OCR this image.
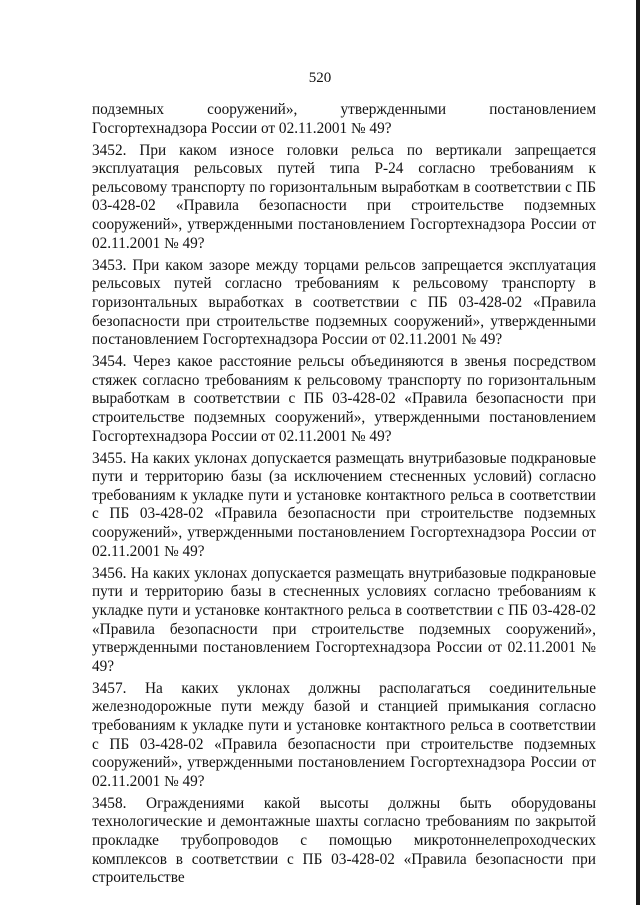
520

подземных сооружений», утвержденными постановлением Госгортехнадзора России от 02.11.2001 № 49?

3452. При каком износе головки рельса по вертикали запрещается эксплуатация рельсовых путей типа Р-24 согласно требованиям к рельсовому транспорту по горизонтальным выработкам в соответствии с ПБ 03-428-02 «Правила безопасности при строительстве подземных сооружений», утвержденными постановлением Госгортехнадзора России от 02.11.2001 № 49?

3453. При каком зазоре между торцами рельсов запрещается эксплуатация рельсовых путей согласно требованиям к рельсовому транспорту в горизонтальных выработках в соответствии с ПБ 03-428-02 «Правила безопасности при строительстве подземных сооружений», утвержденными постановлением Госгортехнадзора России от 02.11.2001 № 49?

3454. Через какое расстояние рельсы объединяются в звенья посредством стяжек согласно требованиям к рельсовому транспорту по горизонтальным выработкам в соответствии с ПБ 03-428-02 «Правила безопасности при строительстве подземных сооружений», утвержденными постановлением Госгортехнадзора России от 02.11.2001 № 49?

3455. На каких уклонах допускается размещать внутрибазовые подкрановые пути и территорию базы (за исключением стесненных условий) согласно требованиям к укладке пути и установке контактного рельса в соответствии с ПБ 03-428-02 «Правила безопасности при строительстве подземных сооружений», утвержденными постановлением Госгортехнадзора России от 02.11.2001 № 49?

3456. На каких уклонах допускается размещать внутрибазовые подкрановые пути и территорию базы в стесненных условиях согласно требованиям к укладке пути и установке контактного рельса в соответствии с ПБ 03-428-02 «Правила безопасности при строительстве подземных сооружений», утвержденными постановлением Госгортехнадзора России от 02.11.2001 № 49?

3457. На каких уклонах должны располагаться соединительные железнодорожные пути между базой и станцией примыкания согласно требованиям к укладке пути и установке контактного рельса в соответствии с ПБ 03-428-02 «Правила безопасности при строительстве подземных сооружений», утвержденными постановлением Госгортехнадзора России от 02.11.2001 № 49?

3458. Ограждениями какой высоты должны быть оборудованы технологические и демонтажные шахты согласно требованиям по закрытой прокладке трубопроводов с помощью микротоннелепроходческих комплексов в соответствии с ПБ 03-428-02 «Правила безопасности при строительстве
